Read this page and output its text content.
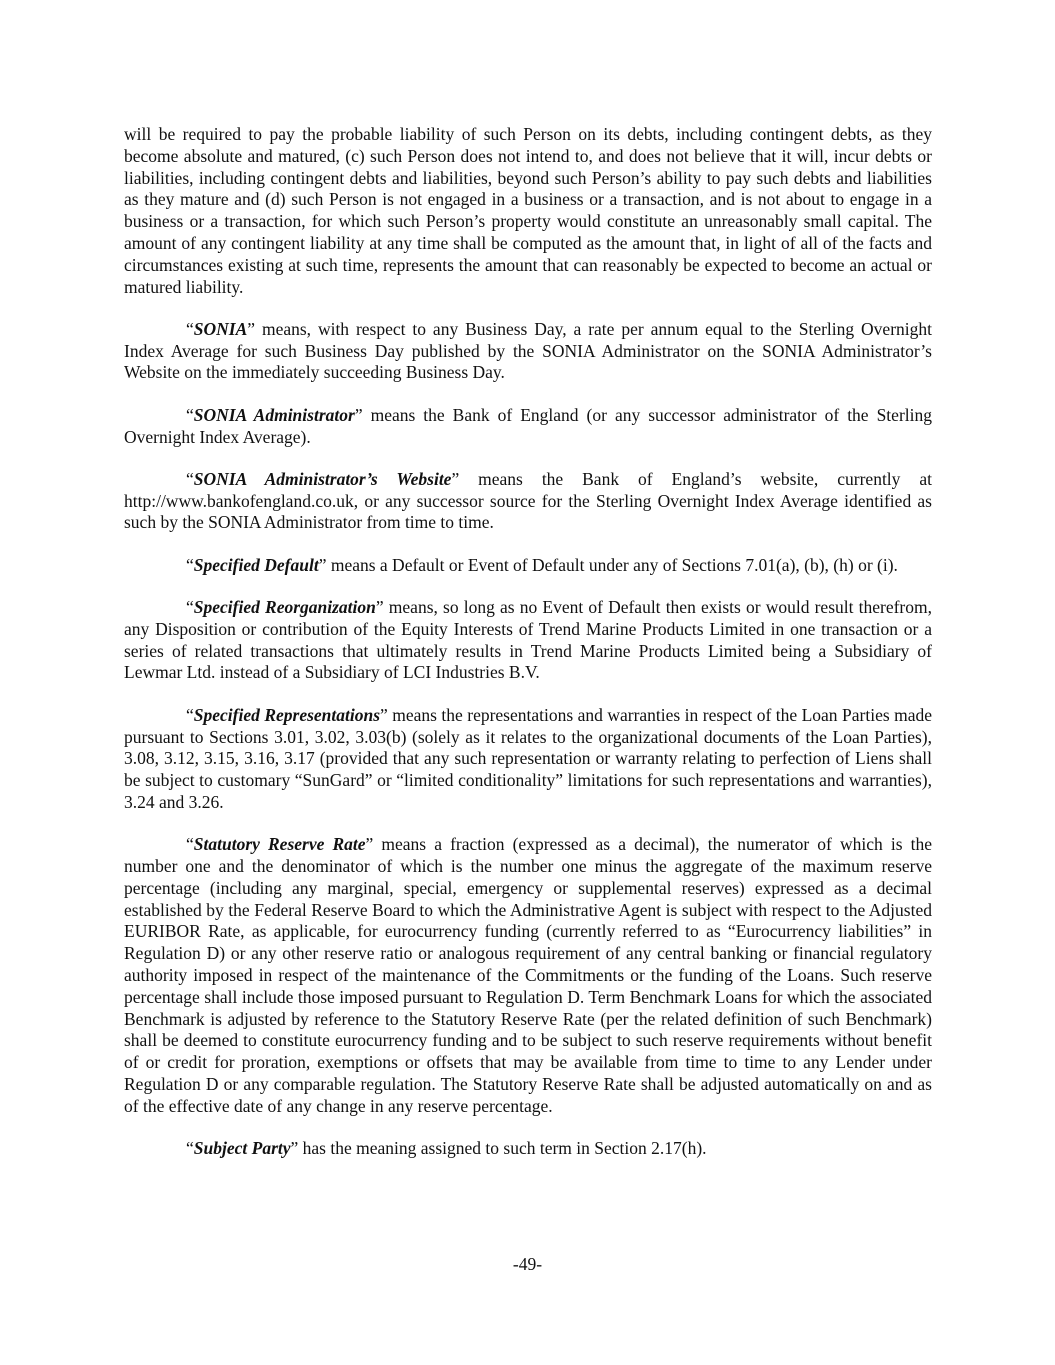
will be required to pay the probable liability of such Person on its debts, including contingent debts, as they become absolute and matured, (c) such Person does not intend to, and does not believe that it will, incur debts or liabilities, including contingent debts and liabilities, beyond such Person’s ability to pay such debts and liabilities as they mature and (d) such Person is not engaged in a business or a transaction, and is not about to engage in a business or a transaction, for which such Person’s property would constitute an unreasonably small capital. The amount of any contingent liability at any time shall be computed as the amount that, in light of all of the facts and circumstances existing at such time, represents the amount that can reasonably be expected to become an actual or matured liability.

“SONIA” means, with respect to any Business Day, a rate per annum equal to the Sterling Overnight Index Average for such Business Day published by the SONIA Administrator on the SONIA Administrator’s Website on the immediately succeeding Business Day.

“SONIA Administrator” means the Bank of England (or any successor administrator of the Sterling Overnight Index Average).

“SONIA Administrator’s Website” means the Bank of England’s website, currently at http://www.bankofengland.co.uk, or any successor source for the Sterling Overnight Index Average identified as such by the SONIA Administrator from time to time.

“Specified Default” means a Default or Event of Default under any of Sections 7.01(a), (b), (h) or (i).

“Specified Reorganization” means, so long as no Event of Default then exists or would result therefrom, any Disposition or contribution of the Equity Interests of Trend Marine Products Limited in one transaction or a series of related transactions that ultimately results in Trend Marine Products Limited being a Subsidiary of Lewmar Ltd. instead of a Subsidiary of LCI Industries B.V.

“Specified Representations” means the representations and warranties in respect of the Loan Parties made pursuant to Sections 3.01, 3.02, 3.03(b) (solely as it relates to the organizational documents of the Loan Parties), 3.08, 3.12, 3.15, 3.16, 3.17 (provided that any such representation or warranty relating to perfection of Liens shall be subject to customary “SunGard” or “limited conditionality” limitations for such representations and warranties), 3.24 and 3.26.

“Statutory Reserve Rate” means a fraction (expressed as a decimal), the numerator of which is the number one and the denominator of which is the number one minus the aggregate of the maximum reserve percentage (including any marginal, special, emergency or supplemental reserves) expressed as a decimal established by the Federal Reserve Board to which the Administrative Agent is subject with respect to the Adjusted EURIBOR Rate, as applicable, for eurocurrency funding (currently referred to as “Eurocurrency liabilities” in Regulation D) or any other reserve ratio or analogous requirement of any central banking or financial regulatory authority imposed in respect of the maintenance of the Commitments or the funding of the Loans. Such reserve percentage shall include those imposed pursuant to Regulation D. Term Benchmark Loans for which the associated Benchmark is adjusted by reference to the Statutory Reserve Rate (per the related definition of such Benchmark) shall be deemed to constitute eurocurrency funding and to be subject to such reserve requirements without benefit of or credit for proration, exemptions or offsets that may be available from time to time to any Lender under Regulation D or any comparable regulation. The Statutory Reserve Rate shall be adjusted automatically on and as of the effective date of any change in any reserve percentage.

“Subject Party” has the meaning assigned to such term in Section 2.17(h).

-49-
